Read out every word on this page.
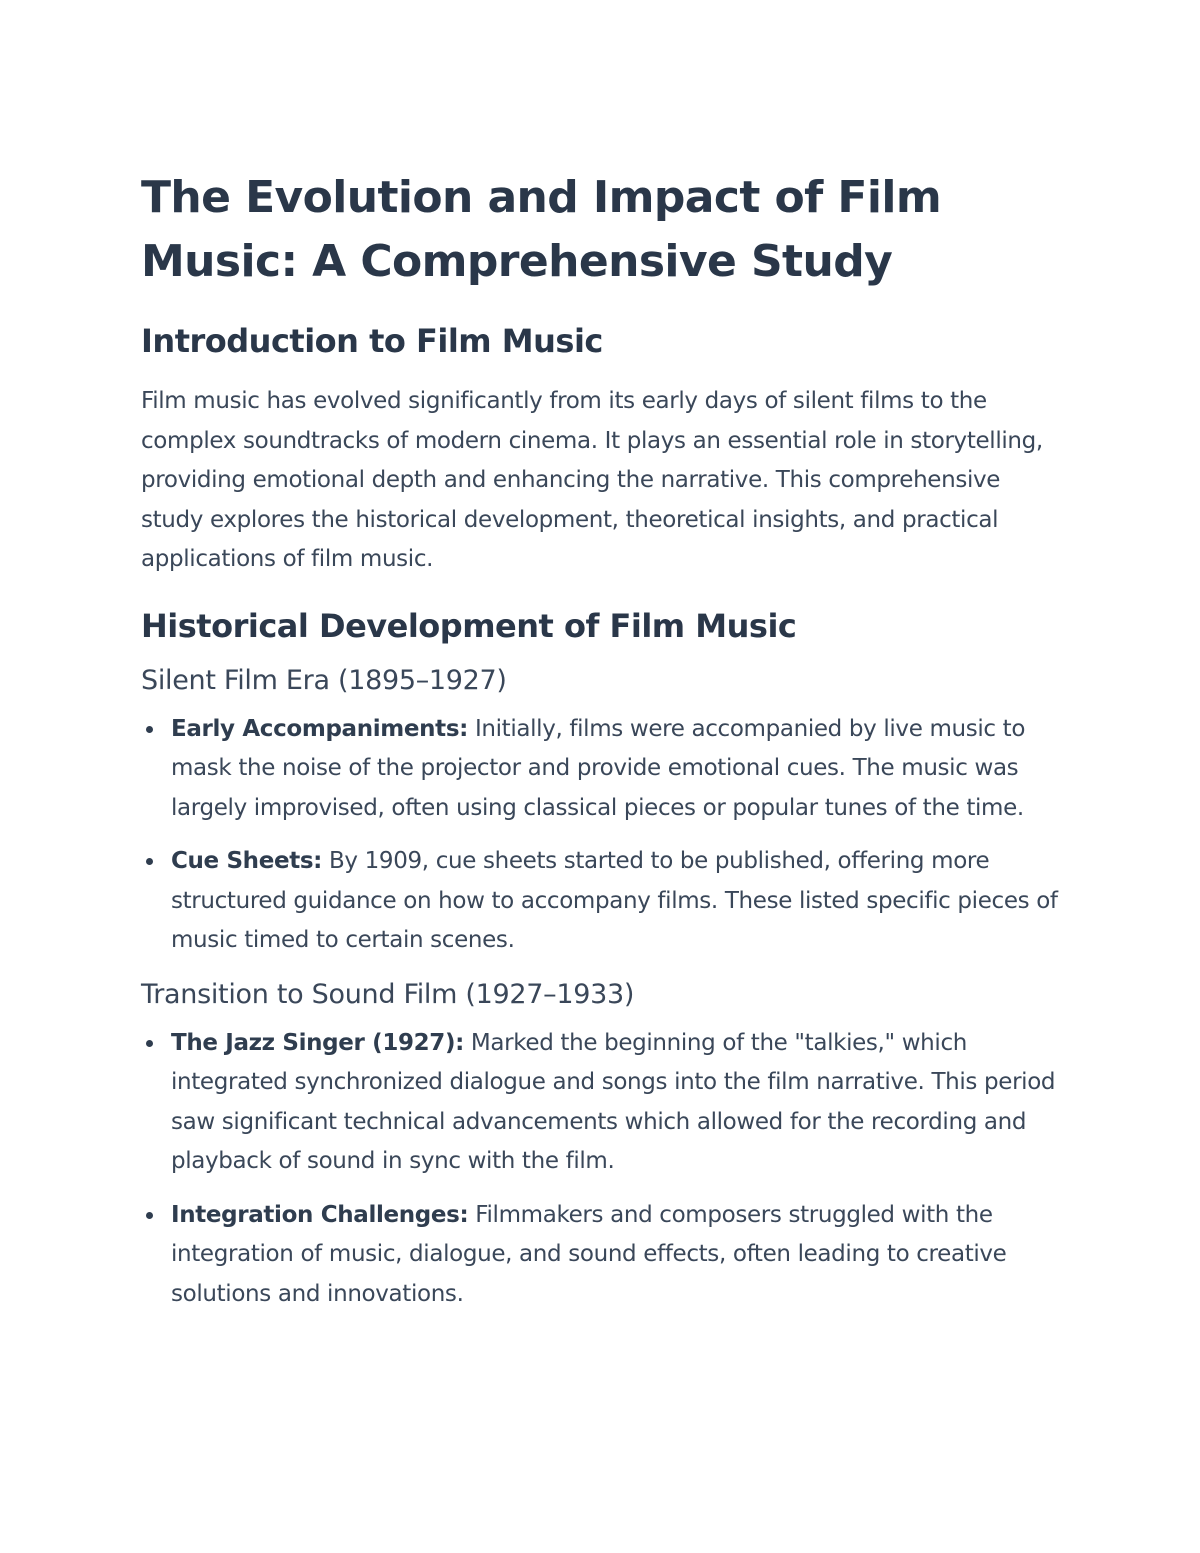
The Evolution and Impact of Film Music: A Comprehensive Study
Introduction to Film Music

Film music has evolved significantly from its early days of silent films to the complex soundtracks of modern cinema. It plays an essential role in storytelling, providing emotional depth and enhancing the narrative. This comprehensive study explores the historical development, theoretical insights, and practical applications of film music.

Historical Development of Film Music
Silent Film Era (1895–1927)
Early Accompaniments: Initially, films were accompanied by live music to mask the noise of the projector and provide emotional cues. The music was largely improvised, often using classical pieces or popular tunes of the time.
Cue Sheets: By 1909, cue sheets started to be published, offering more structured guidance on how to accompany films. These listed specific pieces of music timed to certain scenes.
Transition to Sound Film (1927–1933)
The Jazz Singer (1927): Marked the beginning of the "talkies," which integrated synchronized dialogue and songs into the film narrative. This period saw significant technical advancements which allowed for the recording and playback of sound in sync with the film.
Integration Challenges: Filmmakers and composers struggled with the integration of music, dialogue, and sound effects, often leading to creative solutions and innovations.
